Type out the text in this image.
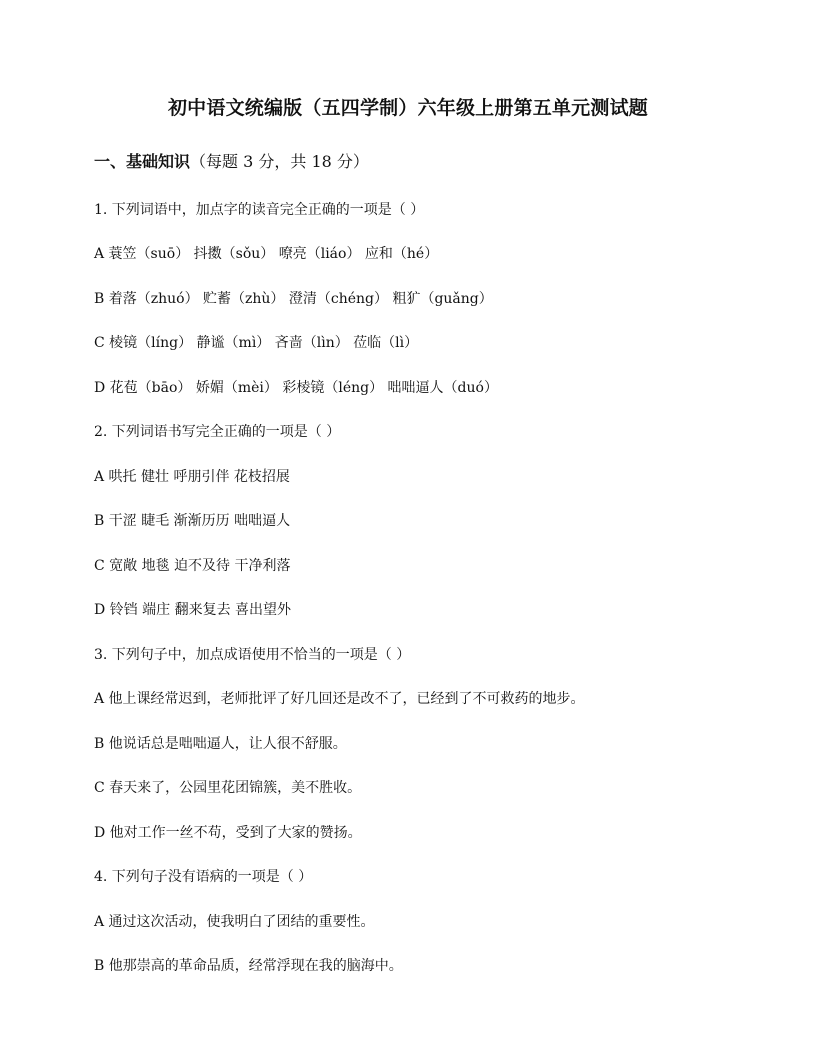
初中语文统编版（五四学制）六年级上册第五单元测试题
一、基础知识（每题 3 分，共 18 分）
1. 下列词语中，加点字的读音完全正确的一项是（ ）
A 蓑笠（suō） 抖擞（sǒu） 嘹亮（liáo） 应和（hé）
B 着落（zhuó） 贮蓄（zhù） 澄清（chéng） 粗犷（guǎng）
C 棱镜（líng） 静谧（mì） 吝啬（lìn） 莅临（lì）
D 花苞（bāo） 娇媚（mèi） 彩棱镜（léng） 咄咄逼人（duó）
2. 下列词语书写完全正确的一项是（ ）
A 哄托 健壮 呼朋引伴 花枝招展
B 干涩 睫毛 渐渐历历 咄咄逼人
C 宽敞 地毯 迫不及待 干净利落
D 铃铛 端庄 翻来复去 喜出望外
3. 下列句子中，加点成语使用不恰当的一项是（ ）
A 他上课经常迟到，老师批评了好几回还是改不了，已经到了不可救药的地步。
B 他说话总是咄咄逼人，让人很不舒服。
C 春天来了，公园里花团锦簇，美不胜收。
D 他对工作一丝不苟，受到了大家的赞扬。
4. 下列句子没有语病的一项是（ ）
A 通过这次活动，使我明白了团结的重要性。
B 他那崇高的革命品质，经常浮现在我的脑海中。
